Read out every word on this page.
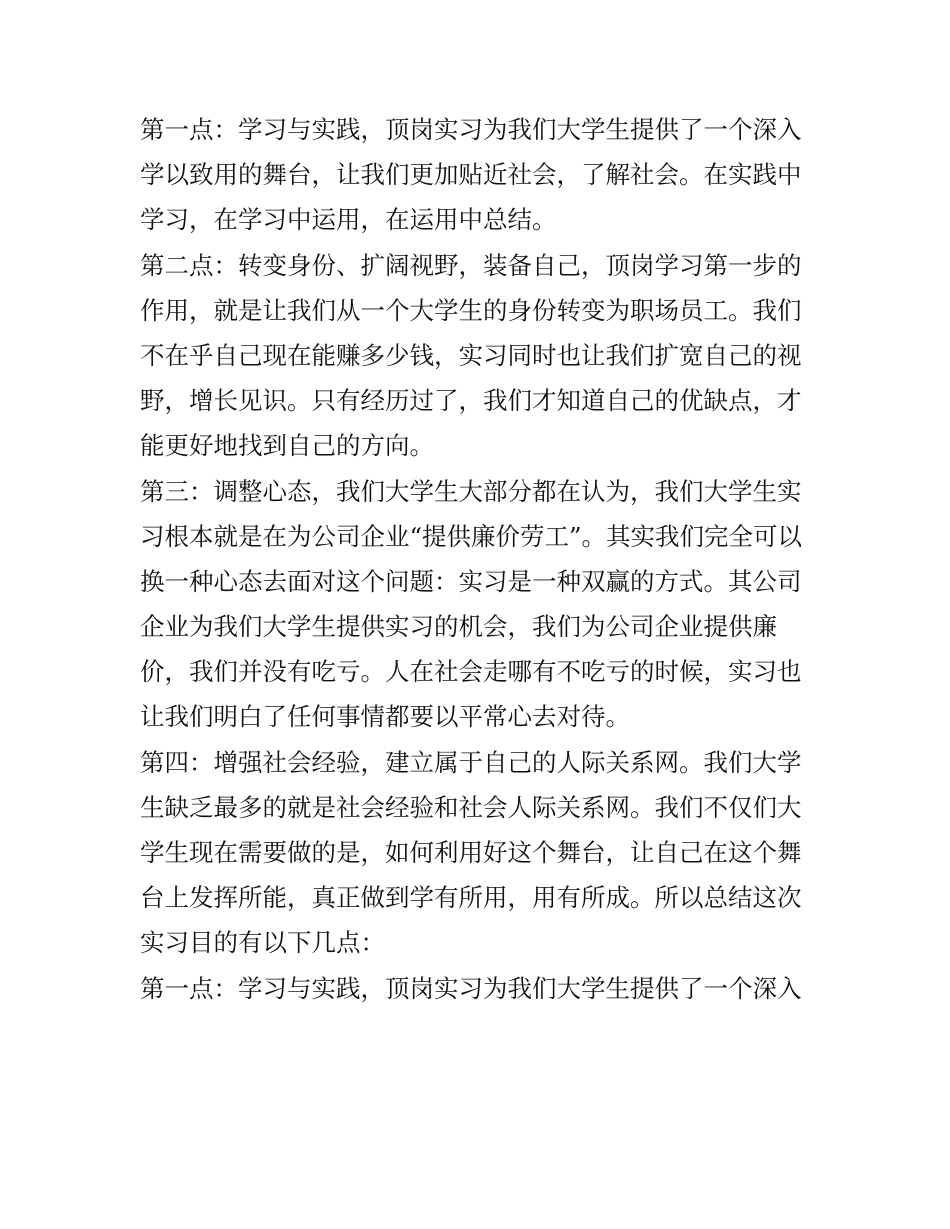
第一点：学习与实践，顶岗实习为我们大学生提供了一个深入
学以致用的舞台，让我们更加贴近社会，了解社会。在实践中
学习，在学习中运用，在运用中总结。
第二点：转变身份、扩阔视野，装备自己，顶岗学习第一步的
作用，就是让我们从一个大学生的身份转变为职场员工。我们
不在乎自己现在能赚多少钱，实习同时也让我们扩宽自己的视
野，增长见识。只有经历过了，我们才知道自己的优缺点，才
能更好地找到自己的方向。
第三：调整心态，我们大学生大部分都在认为，我们大学生实
习根本就是在为公司企业“提供廉价劳工”。其实我们完全可以
换一种心态去面对这个问题：实习是一种双赢的方式。其公司
企业为我们大学生提供实习的机会，我们为公司企业提供廉
价，我们并没有吃亏。人在社会走哪有不吃亏的时候，实习也
让我们明白了任何事情都要以平常心去对待。
第四：增强社会经验，建立属于自己的人际关系网。我们大学
生缺乏最多的就是社会经验和社会人际关系网。我们不仅们大
学生现在需要做的是，如何利用好这个舞台，让自己在这个舞
台上发挥所能，真正做到学有所用，用有所成。所以总结这次
实习目的有以下几点：
第一点：学习与实践，顶岗实习为我们大学生提供了一个深入
